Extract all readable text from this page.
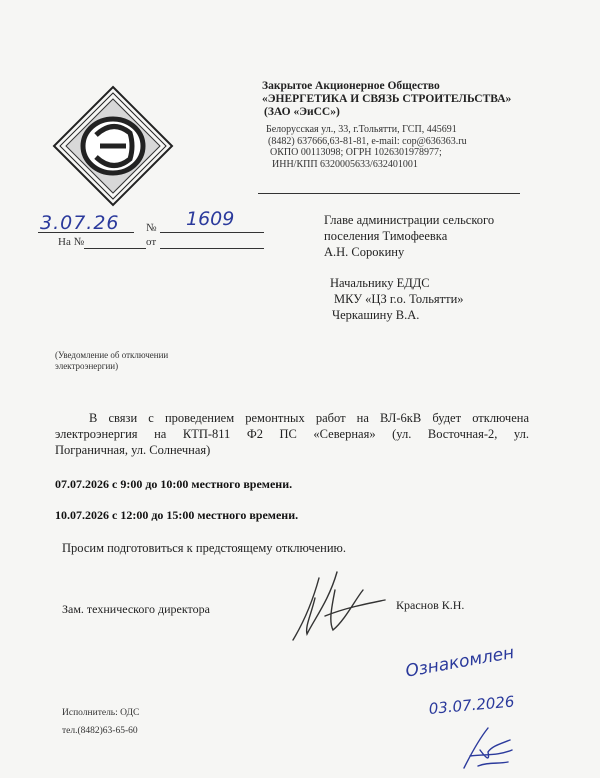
Закрытое Акционерное Общество
«ЭНЕРГЕТИКА И СВЯЗЬ СТРОИТЕЛЬСТВА»
(ЗАО «ЭиСС»)
Белорусская ул., 33, г.Тольятти, ГСП, 445691
(8482) 637666,63-81-81, e-mail: cop@636363.ru
ОКПО 00113098; ОГРН 1026301978977;
ИНН/КПП 6320005633/632401001
3.07.26 № 1609
На №	от
Главе администрации сельского
поселения Тимофеевка
А.Н. Сорокину
Начальнику ЕДДС
МКУ «ЦЗ г.о. Тольятти»
Черкашину В.А.
(Уведомление об отключении
электроэнергии)
В связи с проведением ремонтных работ на ВЛ-6кВ будет отключена
электроэнергия на КТП-811 Ф2 ПС «Северная» (ул. Восточная-2, ул.
Пограничная, ул. Солнечная)
07.07.2026 с 9:00 до 10:00 местного времени.
10.07.2026 с 12:00 до 15:00 местного времени.
Просим подготовиться к предстоящему отключению.
Зам. технического директора	Краснов К.Н.
Ознакомлен
03.07.2026
Исполнитель: ОДС
тел.(8482)63-65-60
